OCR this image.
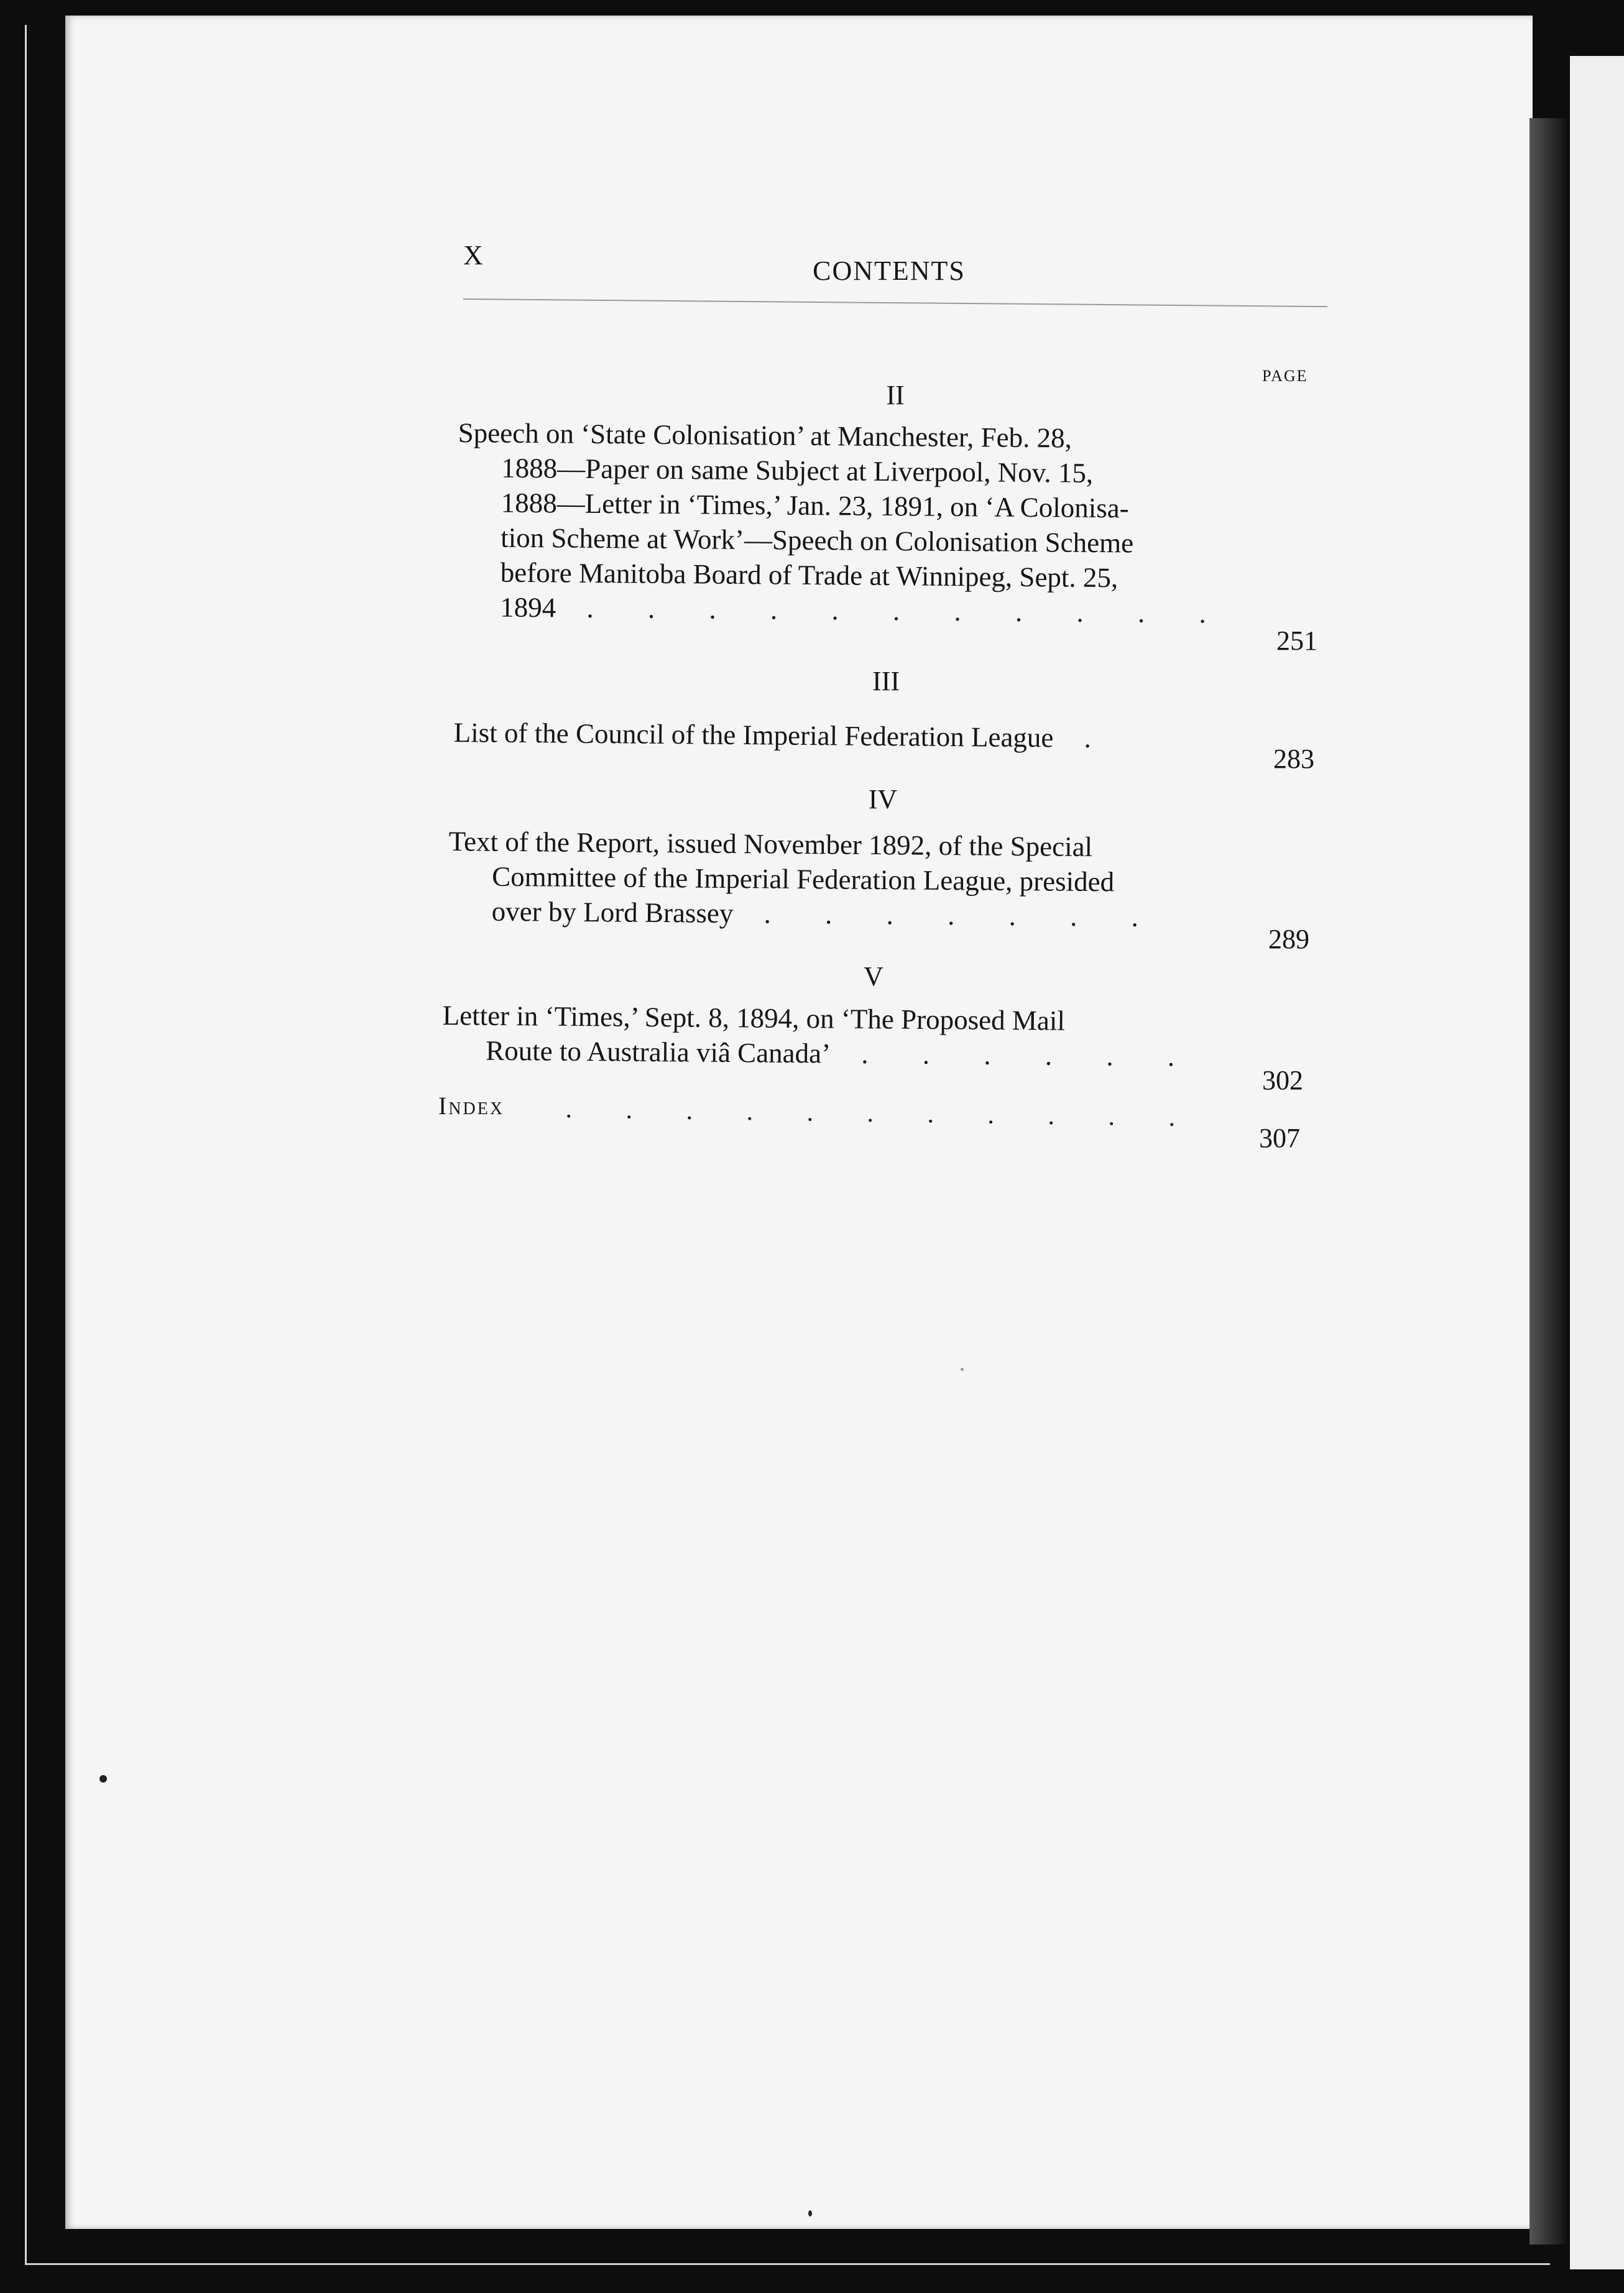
X
CONTENTS
PAGE
II
Speech on ‘State Colonisation’ at Manchester, Feb. 28,
1888—Paper on same Subject at Liverpool, Nov. 15,
1888—Letter in ‘Times,’ Jan. 23, 1891, on ‘A Colonisa-
tion Scheme at Work’—Speech on Colonisation Scheme
before Manitoba Board of Trade at Winnipeg, Sept. 25,
1894 . . . . . . . . . . .
251
III
List of the Council of the Imperial Federation League .
283
IV
Text of the Report, issued November 1892, of the Special
Committee of the Imperial Federation League, presided
over by Lord Brassey . . . . . . .
289
V
Letter in ‘Times,’ Sept. 8, 1894, on ‘The Proposed Mail
Route to Australia viâ Canada’ . . . . . .
302
Index . . . . . . . . . . .
307
